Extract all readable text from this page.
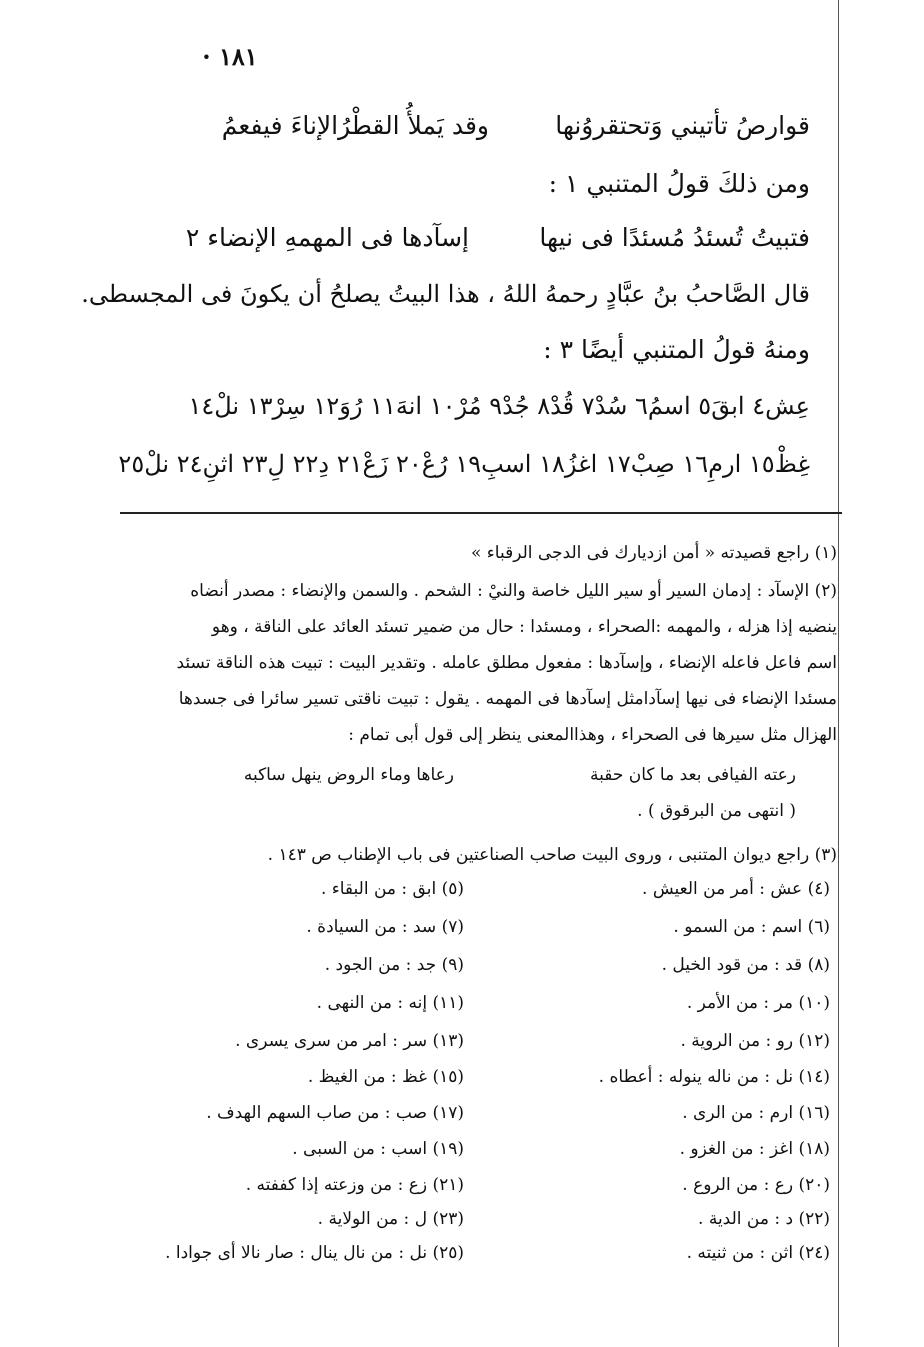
١٨١ ·
قوارصُ تأتيني وَتحتقروُنها
وقد يَملأُ القطْرُالإناءَ فيفعمُ
ومن ذلكَ قولُ المتنبي ١ :
فتبيتُ تُسئدُ مُسئدًا فى نيها
إسآدها فى المهمهِ الإنضاء ٢
قال الصَّاحبُ بنُ عبَّادٍ رحمهُ اللهُ ، هذا البيتُ يصلحُ أن يكونَ فى المجسطى.
ومنهُ قولُ المتنبي أيضًا ٣ :
عِش٤ ابقَ٥ اسمُ٦ سُدْ٧ قُدْ٨ جُدْ٩ مُرْ١٠ انهَ١١ رُوَ١٢ سِرْ١٣ نلْ١٤
غِظْ١٥ ارمِ١٦ صِبْ١٧ اغزُ١٨ اسبِ١٩ رُعْ٢٠ زَعْ٢١ دِ٢٢ لِ٢٣ اثنِ٢٤ نلْ٢٥
(١) راجع قصيدته « أمن ازديارك فى الدجى الرقباء »
(٢) الإسآد : إدمان السير أو سير الليل خاصة والنيْ : الشحم . والسمن والإنضاء : مصدر أنضاه
ينضيه إذا هزله ، والمهمه :الصحراء ، ومسئدا : حال من ضمير تسئد العائد على الناقة ، وهو
اسم فاعل فاعله الإنضاء ، وإسآدها : مفعول مطلق عامله . وتقدير البيت : تبيت هذه الناقة تسئد
مسئدا الإنضاء فى نيها إسآدامثل إسآدها فى المهمه . يقول : تبيت ناقتى تسير سائرا فى جسدها
الهزال مثل سيرها فى الصحراء ، وهذاالمعنى ينظر إلى قول أبى تمام :
رعته الفيافى بعد ما كان حقبة
رعاها وماء الروض ينهل ساكبه
( انتهى من البرقوق ) .
(٣) راجع ديوان المتنبى ، وروى البيت صاحب الصناعتين فى باب الإطناب ص ١٤٣ .
(٤) عش : أمر من العيش .
(٥) ابق : من البقاء .
(٦) اسم : من السمو .
(٧) سد : من السيادة .
(٨) قد : من قود الخيل .
(٩) جد : من الجود .
(١٠) مر : من الأمر .
(١١) إنه : من النهى .
(١٢) رو : من الروية .
(١٣) سر : امر من سرى يسرى .
(١٤) نل : من ناله ينوله : أعطاه .
(١٥) غظ : من الغيظ .
(١٦) ارم : من الرى .
(١٧) صب : من صاب السهم الهدف .
(١٨) اغز : من الغزو .
(١٩) اسب : من السبى .
(٢٠) رع : من الروع .
(٢١) زع : من وزعته إذا كففته .
(٢٢) د : من الدية .
(٢٣) ل : من الولاية .
(٢٤) اثن : من ثنيته .
(٢٥) نل : من نال ينال : صار نالا أى جوادا .
